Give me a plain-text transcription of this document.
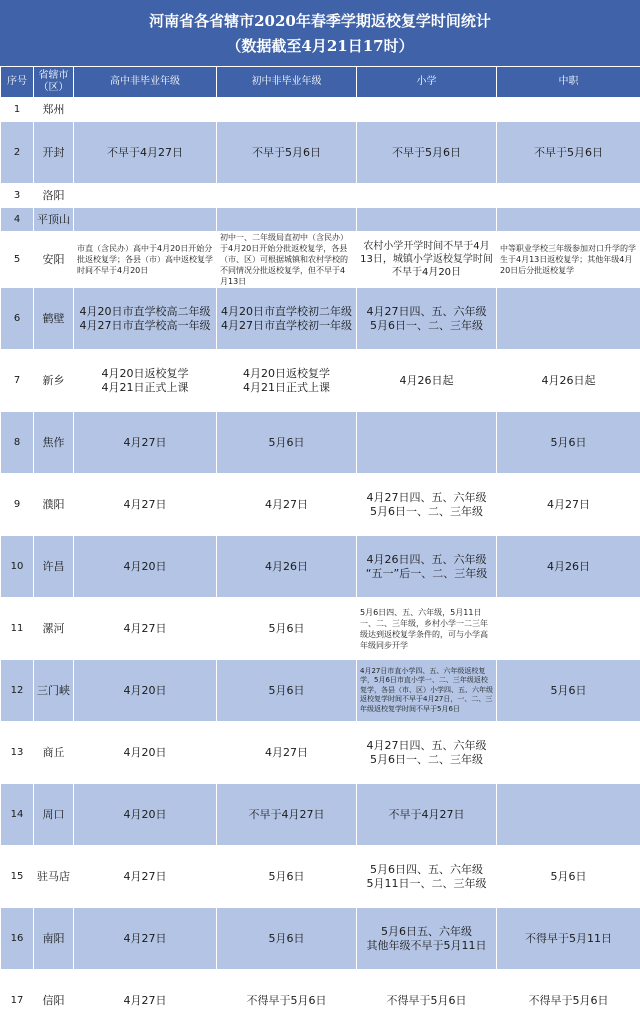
河南省各省辖市2020年春季学期返校复学时间统计
（数据截至4月21日17时）
序号	省辖市（区）	高中非毕业年级	初中非毕业年级	小学	中职
1	郑州				
2	开封	不早于4月27日	不早于5月6日	不早于5月6日	不早于5月6日
3	洛阳				
4	平顶山				
5	安阳	市直（含民办）高中于4月20日开始分批返校复学；各县（市）高中返校复学时间不早于4月20日	初中一、二年级局直初中（含民办）于4月20日开始分批返校复学，各县（市、区）可根据城镇和农村学校的不同情况分批返校复学，但不早于4月13日	农村小学开学时间不早于4月13日，城镇小学返校复学时间不早于4月20日	中等职业学校三年级参加对口升学的学生于4月13日返校复学；其他年级4月20日后分批返校复学
6	鹤壁	4月20日市直学校高二年级
4月27日市直学校高一年级	4月20日市直学校初二年级
4月27日市直学校初一年级	4月27日四、五、六年级
5月6日一、二、三年级	
7	新乡	4月20日返校复学
4月21日正式上课	4月20日返校复学
4月21日正式上课	4月26日起	4月26日起
8	焦作	4月27日	5月6日		5月6日
9	濮阳	4月27日	4月27日	4月27日四、五、六年级
5月6日一、二、三年级	4月27日
10	许昌	4月20日	4月26日	4月26日四、五、六年级
“五一”后一、二、三年级	4月26日
11	漯河	4月27日	5月6日	5月6日四、五、六年级，5月11日一、二、三年级，乡村小学一二三年级达到返校复学条件的，可与小学高年级同步开学	
12	三门峡	4月20日	5月6日	4月27日市直小学四、五、六年级返校复学，5月6日市直小学一、二、三年级返校复学，各县（市、区）小学四、五、六年级返校复学时间不早于4月27日，一、二、三年级返校复学时间不早于5月6日	5月6日
13	商丘	4月20日	4月27日	4月27日四、五、六年级
5月6日一、二、三年级	
14	周口	4月20日	不早于4月27日	不早于4月27日	
15	驻马店	4月27日	5月6日	5月6日四、五、六年级
5月11日一、二、三年级	5月6日
16	南阳	4月27日	5月6日	5月6日五、六年级
其他年级不早于5月11日	不得早于5月11日
17	信阳	4月27日	不得早于5月6日	不得早于5月6日	不得早于5月6日
